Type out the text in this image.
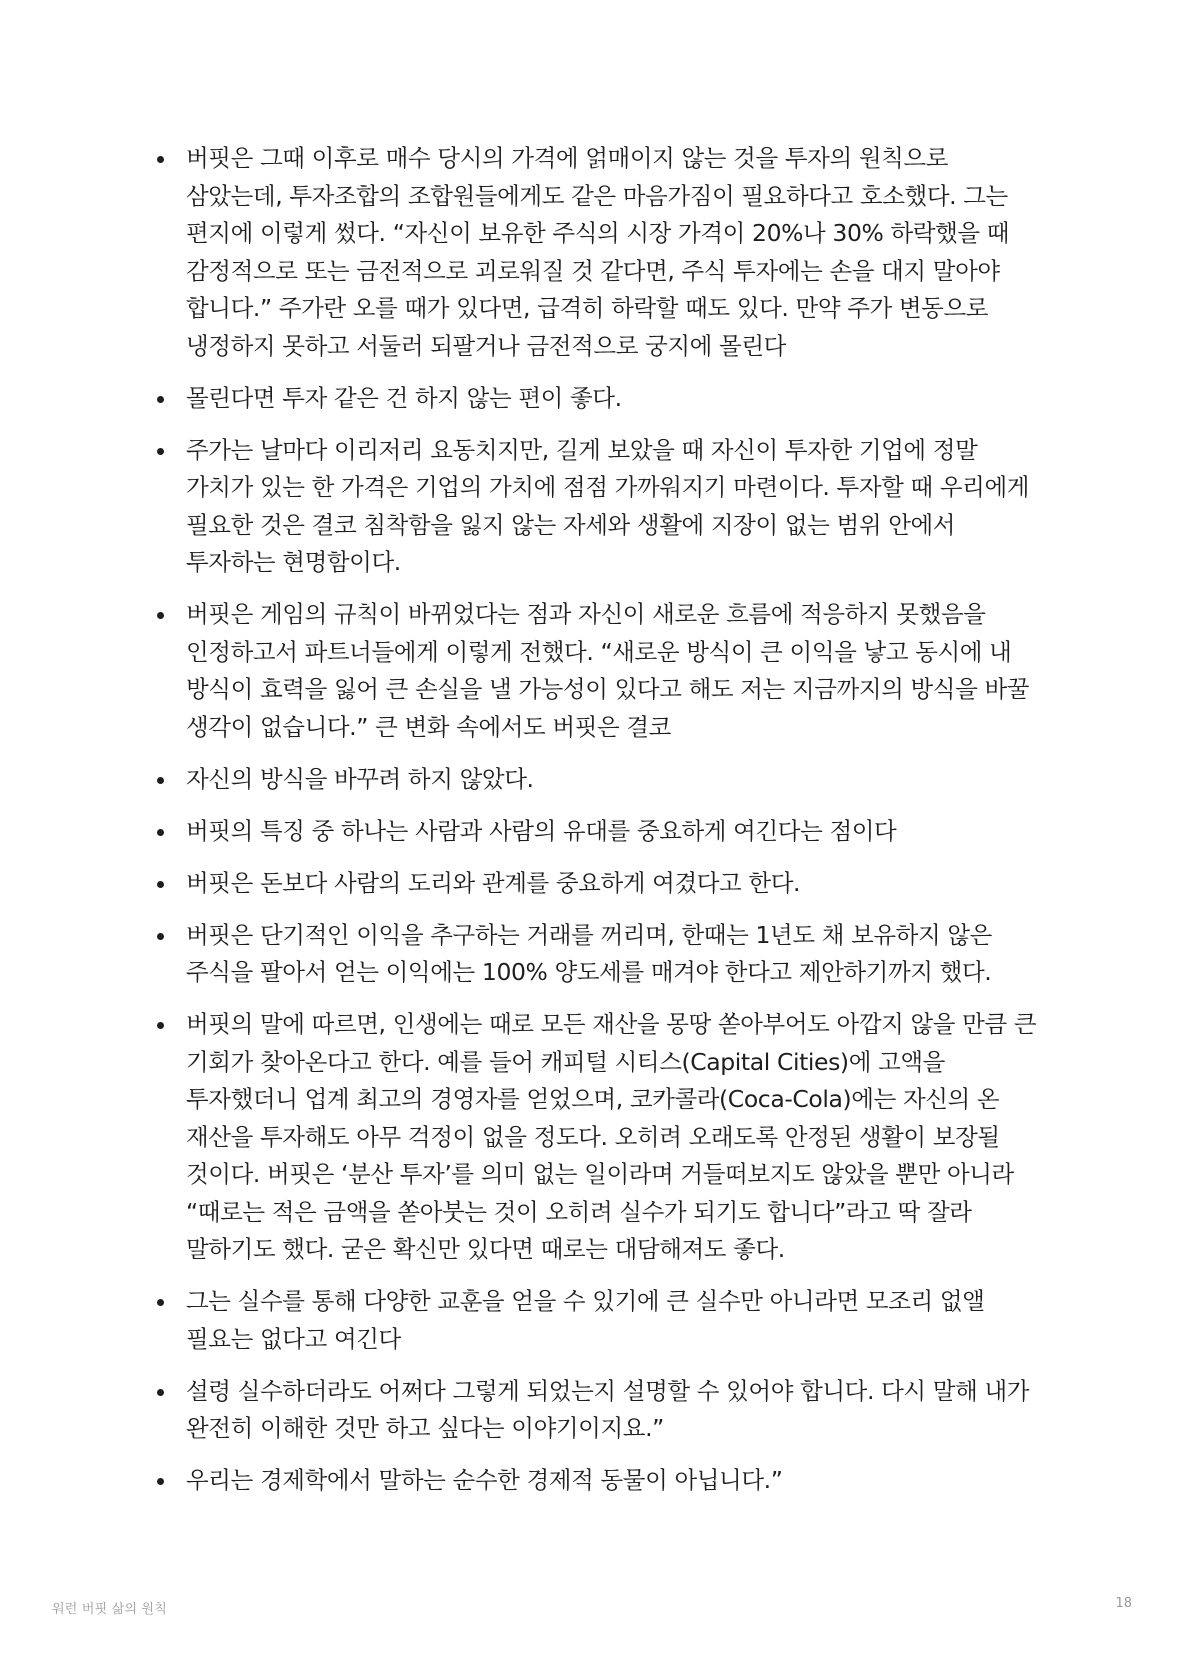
버핏은 그때 이후로 매수 당시의 가격에 얽매이지 않는 것을 투자의 원칙으로 삼았는데, 투자조합의 조합원들에게도 같은 마음가짐이 필요하다고 호소했다. 그는 편지에 이렇게 썼다. “자신이 보유한 주식의 시장 가격이 20%나 30% 하락했을 때 감정적으로 또는 금전적으로 괴로워질 것 같다면, 주식 투자에는 손을 대지 말아야 합니다.” 주가란 오를 때가 있다면, 급격히 하락할 때도 있다. 만약 주가 변동으로 냉정하지 못하고 서둘러 되팔거나 금전적으로 궁지에 몰린다
몰린다면 투자 같은 건 하지 않는 편이 좋다.
주가는 날마다 이리저리 요동치지만, 길게 보았을 때 자신이 투자한 기업에 정말 가치가 있는 한 가격은 기업의 가치에 점점 가까워지기 마련이다. 투자할 때 우리에게 필요한 것은 결코 침착함을 잃지 않는 자세와 생활에 지장이 없는 범위 안에서 투자하는 현명함이다.
버핏은 게임의 규칙이 바뀌었다는 점과 자신이 새로운 흐름에 적응하지 못했음을 인정하고서 파트너들에게 이렇게 전했다. “새로운 방식이 큰 이익을 낳고 동시에 내 방식이 효력을 잃어 큰 손실을 낼 가능성이 있다고 해도 저는 지금까지의 방식을 바꿀 생각이 없습니다.” 큰 변화 속에서도 버핏은 결코
자신의 방식을 바꾸려 하지 않았다.
버핏의 특징 중 하나는 사람과 사람의 유대를 중요하게 여긴다는 점이다
버핏은 돈보다 사람의 도리와 관계를 중요하게 여겼다고 한다.
버핏은 단기적인 이익을 추구하는 거래를 꺼리며, 한때는 1년도 채 보유하지 않은 주식을 팔아서 얻는 이익에는 100% 양도세를 매겨야 한다고 제안하기까지 했다.
버핏의 말에 따르면, 인생에는 때로 모든 재산을 몽땅 쏟아부어도 아깝지 않을 만큼 큰 기회가 찾아온다고 한다. 예를 들어 캐피털 시티스(Capital Cities)에 고액을 투자했더니 업계 최고의 경영자를 얻었으며, 코카콜라(Coca-Cola)에는 자신의 온 재산을 투자해도 아무 걱정이 없을 정도다. 오히려 오래도록 안정된 생활이 보장될 것이다. 버핏은 ‘분산 투자’를 의미 없는 일이라며 거들떠보지도 않았을 뿐만 아니라 “때로는 적은 금액을 쏟아붓는 것이 오히려 실수가 되기도 합니다”라고 딱 잘라 말하기도 했다. 굳은 확신만 있다면 때로는 대담해져도 좋다.
그는 실수를 통해 다양한 교훈을 얻을 수 있기에 큰 실수만 아니라면 모조리 없앨 필요는 없다고 여긴다
설령 실수하더라도 어쩌다 그렇게 되었는지 설명할 수 있어야 합니다. 다시 말해 내가 완전히 이해한 것만 하고 싶다는 이야기이지요.”
우리는 경제학에서 말하는 순수한 경제적 동물이 아닙니다.”
워런 버핏 삶의 원칙	18
